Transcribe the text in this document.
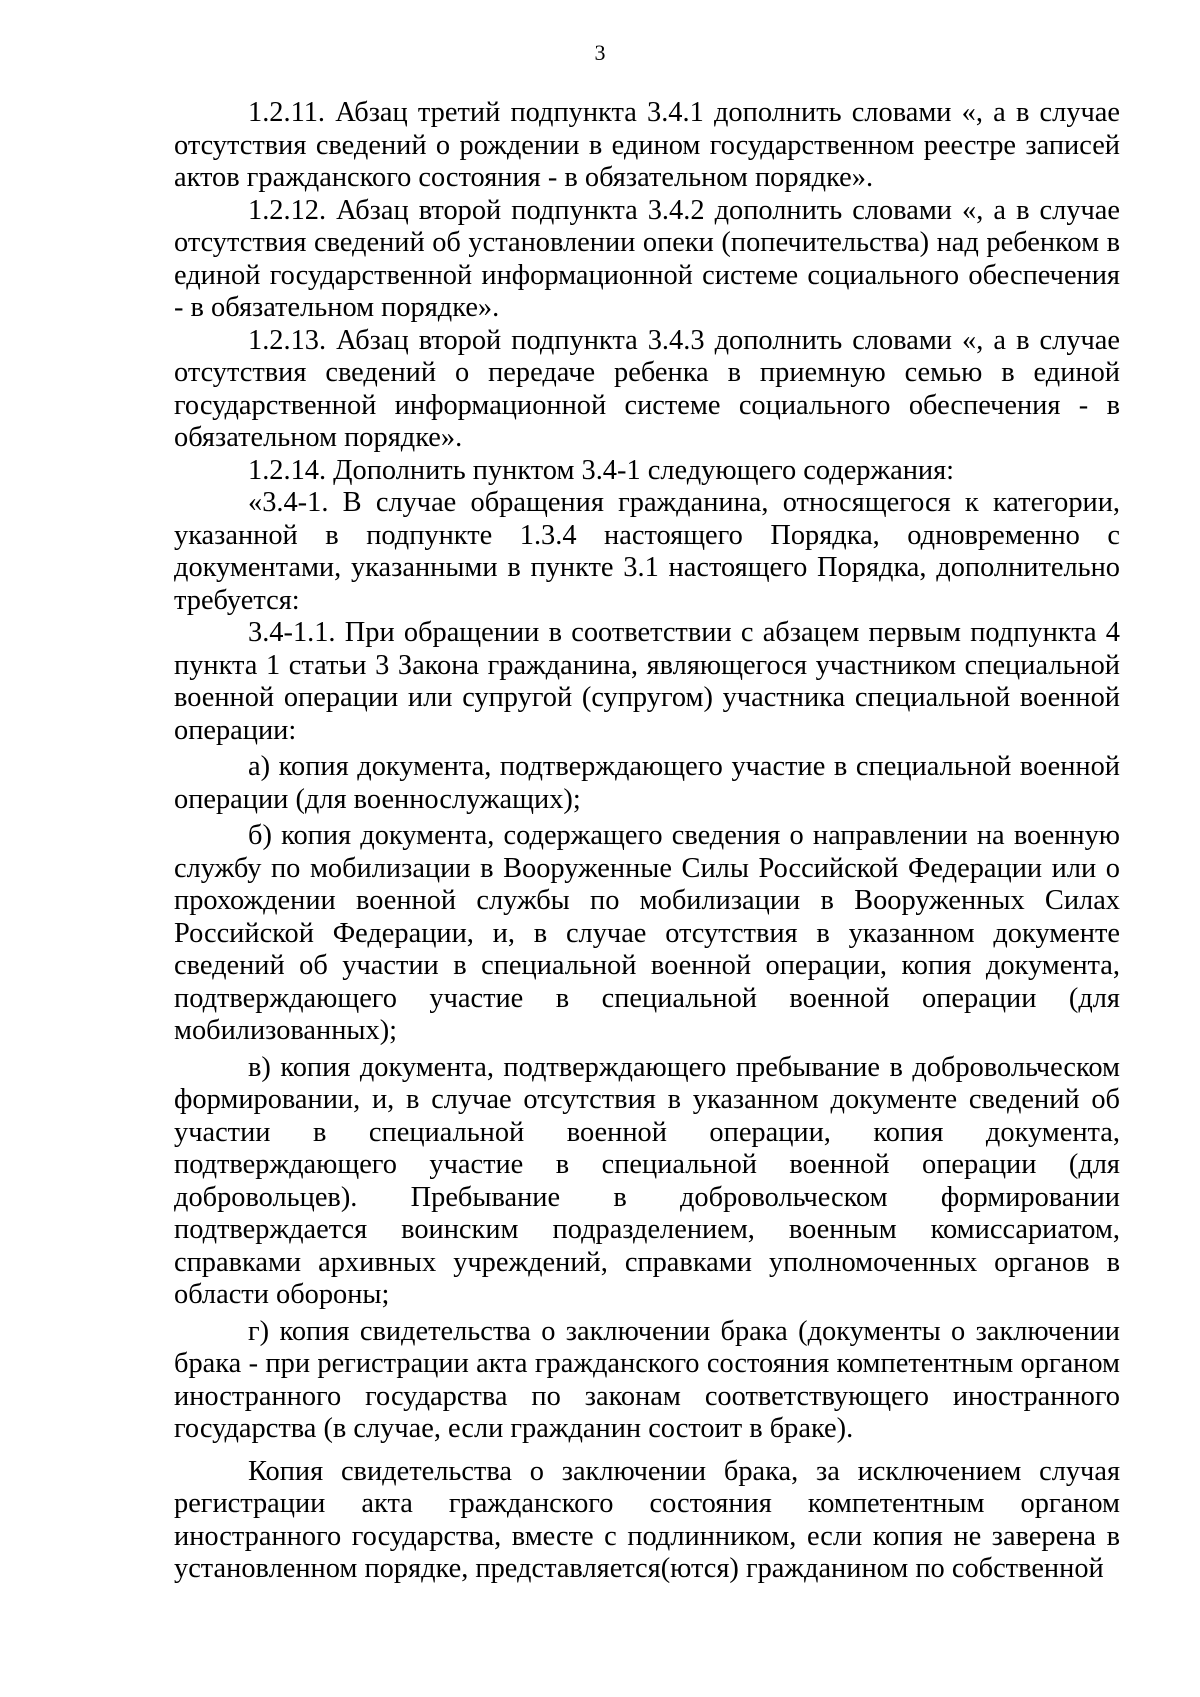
3

1.2.11. Абзац третий подпункта 3.4.1 дополнить словами «, а в случае отсутствия сведений о рождении в едином государственном реестре записей актов гражданского состояния - в обязательном порядке».

1.2.12. Абзац второй подпункта 3.4.2 дополнить словами «, а в случае отсутствия сведений об установлении опеки (попечительства) над ребенком в единой государственной информационной системе социального обеспечения - в обязательном порядке».

1.2.13. Абзац второй подпункта 3.4.3 дополнить словами «, а в случае отсутствия сведений о передаче ребенка в приемную семью в единой государственной информационной системе социального обеспечения - в обязательном порядке».

1.2.14. Дополнить пунктом 3.4-1 следующего содержания:

«3.4-1. В случае обращения гражданина, относящегося к категории, указанной в подпункте 1.3.4 настоящего Порядка, одновременно с документами, указанными в пункте 3.1 настоящего Порядка, дополнительно требуется:

3.4-1.1. При обращении в соответствии с абзацем первым подпункта 4 пункта 1 статьи 3 Закона гражданина, являющегося участником специальной военной операции или супругой (супругом) участника специальной военной операции:

а) копия документа, подтверждающего участие в специальной военной операции (для военнослужащих);

б) копия документа, содержащего сведения о направлении на военную службу по мобилизации в Вооруженные Силы Российской Федерации или о прохождении военной службы по мобилизации в Вооруженных Силах Российской Федерации, и, в случае отсутствия в указанном документе сведений об участии в специальной военной операции, копия документа, подтверждающего участие в специальной военной операции (для мобилизованных);

в) копия документа, подтверждающего пребывание в добровольческом формировании, и, в случае отсутствия в указанном документе сведений об участии в специальной военной операции, копия документа, подтверждающего участие в специальной военной операции (для добровольцев). Пребывание в добровольческом формировании подтверждается воинским подразделением, военным комиссариатом, справками архивных учреждений, справками уполномоченных органов в области обороны;

г) копия свидетельства о заключении брака (документы о заключении брака - при регистрации акта гражданского состояния компетентным органом иностранного государства по законам соответствующего иностранного государства (в случае, если гражданин состоит в браке).

Копия свидетельства о заключении брака, за исключением случая регистрации акта гражданского состояния компетентным органом иностранного государства, вместе с подлинником, если копия не заверена в установленном порядке, представляется(ются) гражданином по собственной
